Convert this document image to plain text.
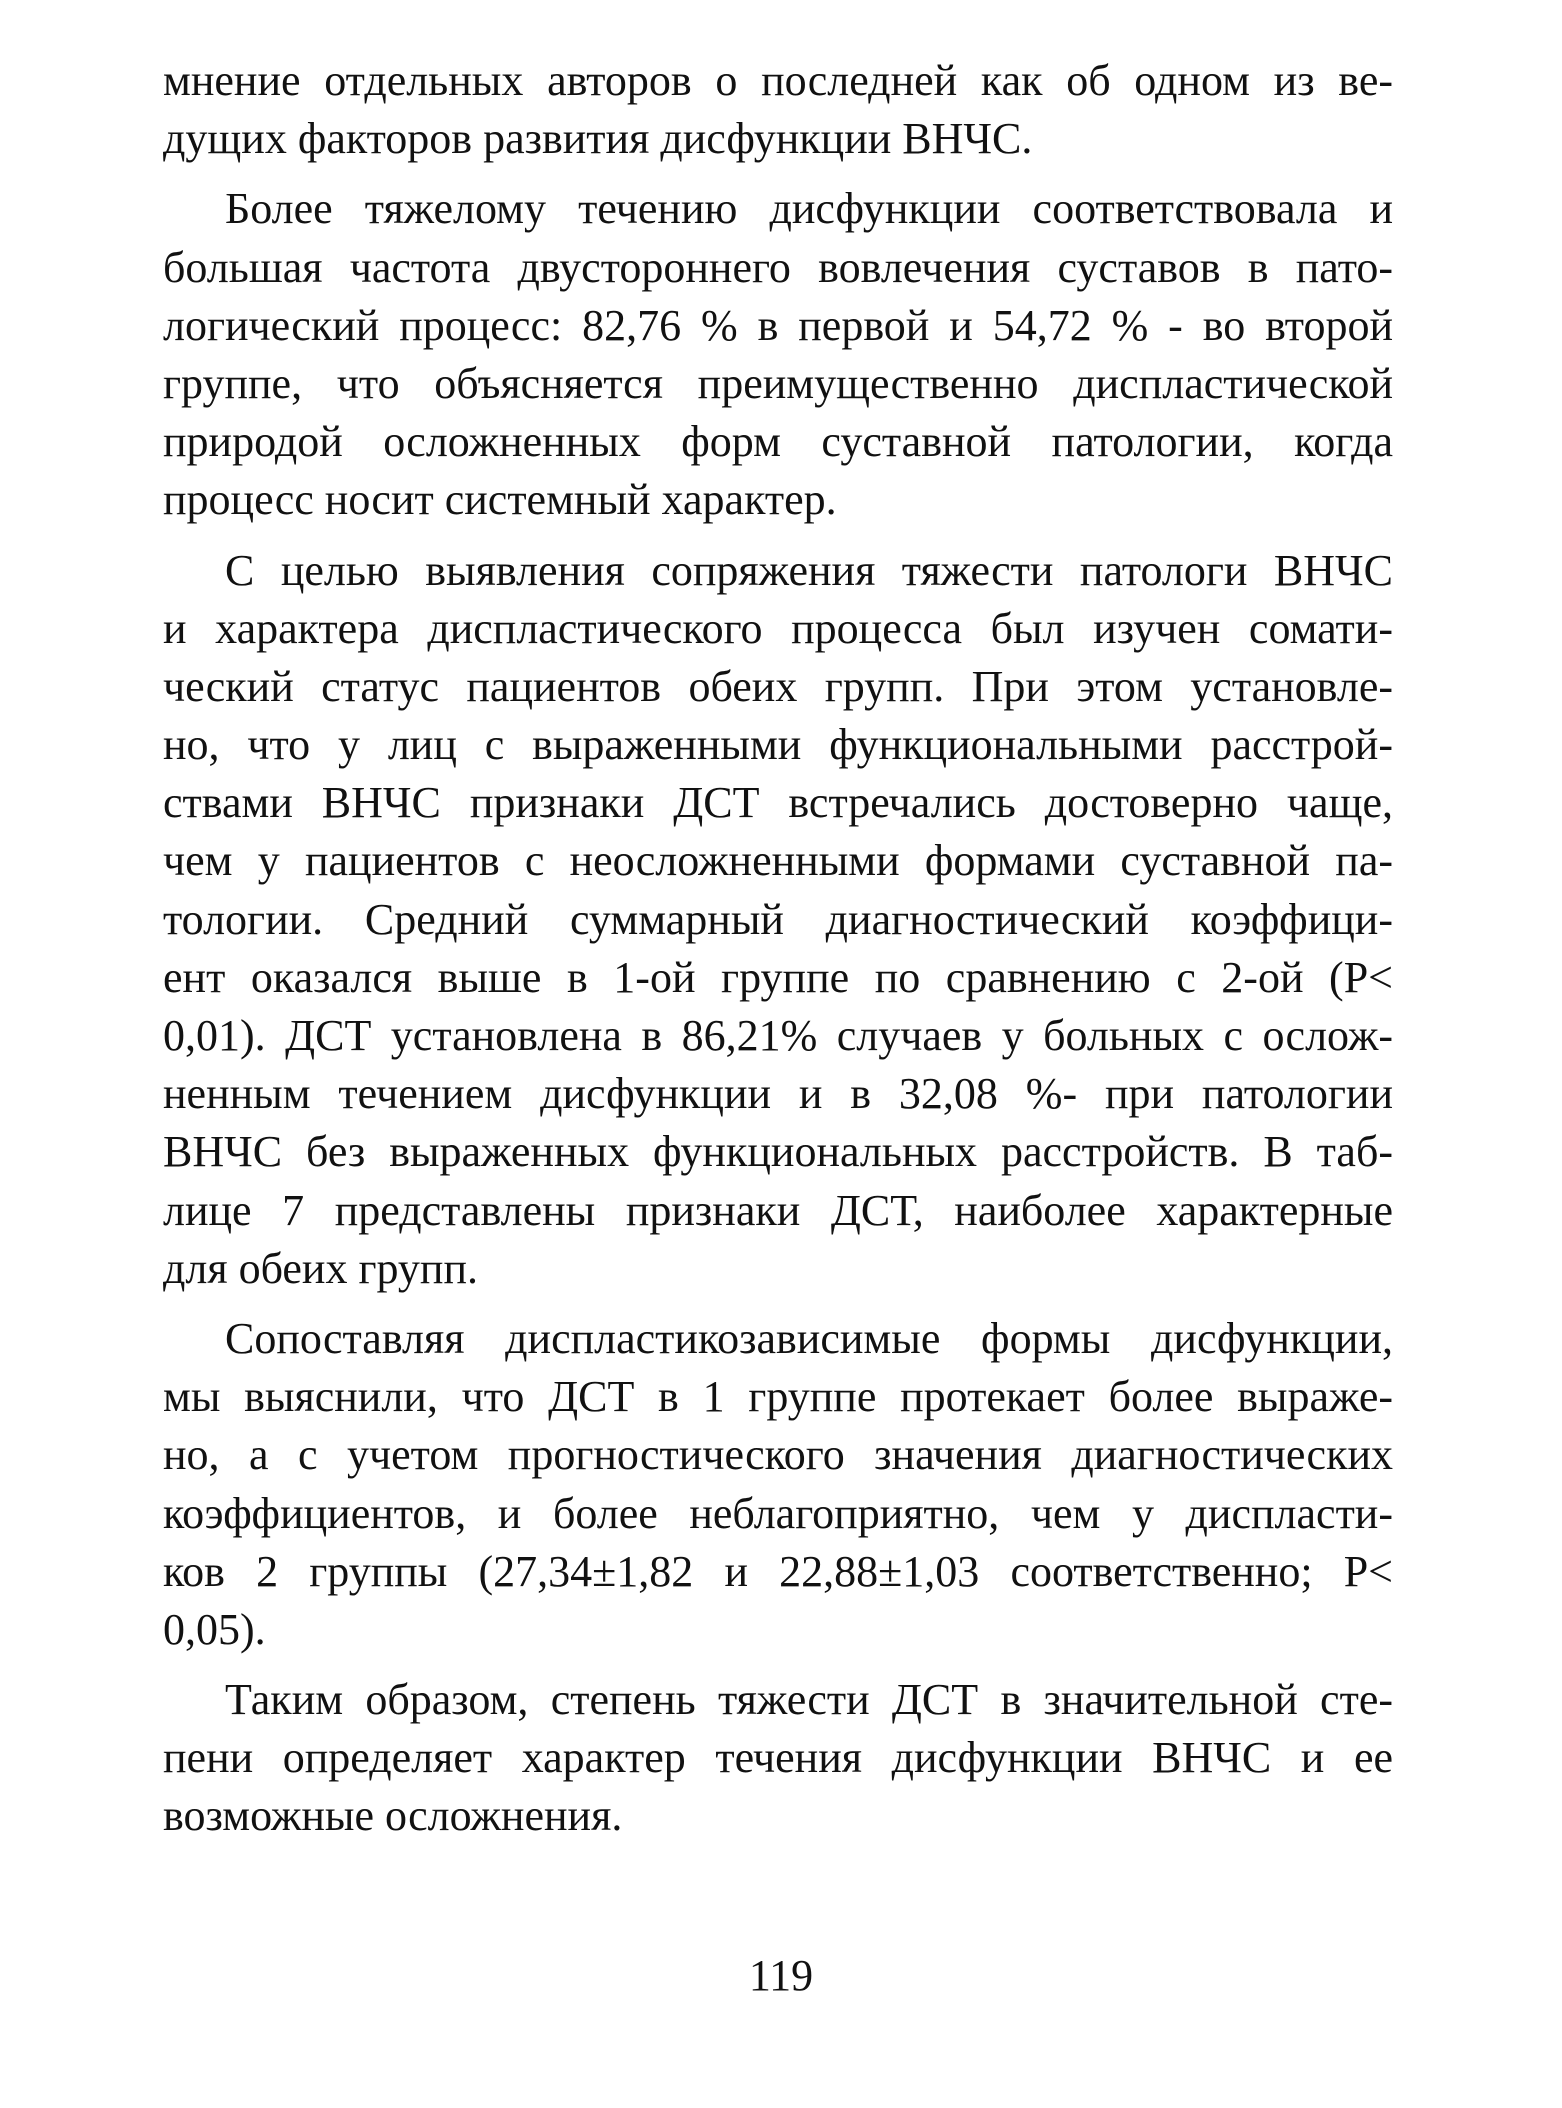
мнение отдельных авторов о последней как об одном из ве-
дущих факторов развития дисфункции ВНЧС.
Более тяжелому течению дисфункции соответствовала и
большая частота двустороннего вовлечения суставов в пато-
логический процесс: 82,76 % в первой и 54,72 % - во второй
группе, что объясняется преимущественно диспластической
природой осложненных форм суставной патологии, когда
процесс носит системный характер.
С целью выявления сопряжения тяжести патологи ВНЧС
и характера диспластического процесса был изучен сомати-
ческий статус пациентов обеих групп. При этом установле-
но, что у лиц с выраженными функциональными расстрой-
ствами ВНЧС признаки ДСТ встречались достоверно чаще,
чем у пациентов с неосложненными формами суставной па-
тологии. Средний суммарный диагностический коэффици-
ент оказался выше в 1-ой группе по сравнению с 2-ой (Р<
0,01). ДСТ установлена в 86,21% случаев у больных с ослож-
ненным течением дисфункции и в 32,08 %- при патологии
ВНЧС без выраженных функциональных расстройств. В таб-
лице 7 представлены признаки ДСТ, наиболее характерные
для обеих групп.
Сопоставляя диспластикозависимые формы дисфункции,
мы выяснили, что ДСТ в 1 группе протекает более выраже-
но, а с учетом прогностического значения диагностических
коэффициентов, и более неблагоприятно, чем у диспласти-
ков 2 группы (27,34±1,82 и 22,88±1,03 соответственно; Р<
0,05).
Таким образом, степень тяжести ДСТ в значительной сте-
пени определяет характер течения дисфункции ВНЧС и ее
возможные осложнения.
119
